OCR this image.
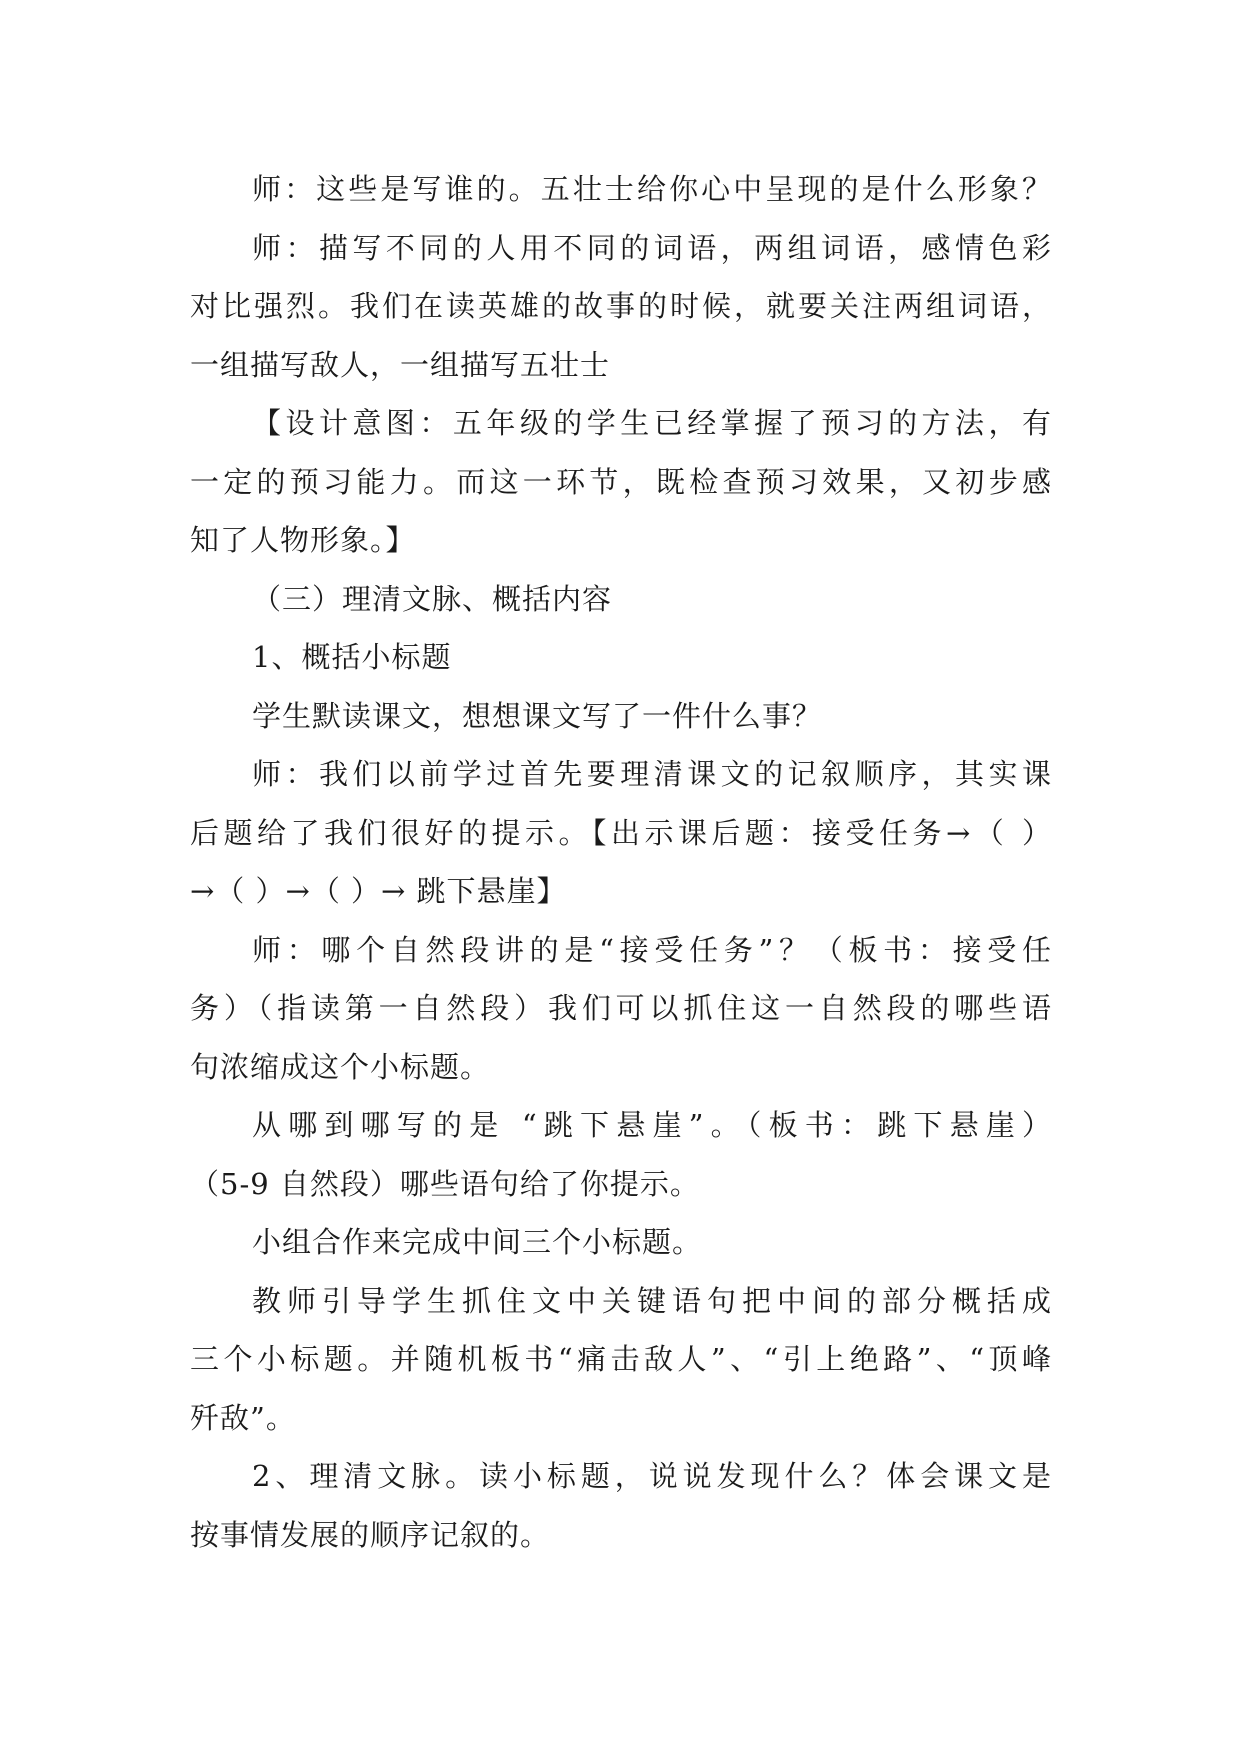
师：这些是写谁的。五壮士给你心中呈现的是什么形象？
师：描写不同的人用不同的词语，两组词语，感情色彩
对比强烈。我们在读英雄的故事的时候，就要关注两组词语，
一组描写敌人，一组描写五壮士
【设计意图：五年级的学生已经掌握了预习的方法，有
一定的预习能力。而这一环节，既检查预习效果，又初步感
知了人物形象。】
（三）理清文脉、概括内容
1、概括小标题
学生默读课文，想想课文写了一件什么事？
师：我们以前学过首先要理清课文的记叙顺序，其实课
后题给了我们很好的提示。【出示课后题：接受任务→（ ）
→（ ）→（ ）→ 跳下悬崖】
师：哪个自然段讲的是“接受任务”？（板书：接受任
务）（指读第一自然段）我们可以抓住这一自然段的哪些语
句浓缩成这个小标题。
从哪到哪写的是 “跳下悬崖”。（板书：跳下悬崖）
（5-9 自然段）哪些语句给了你提示。
小组合作来完成中间三个小标题。
教师引导学生抓住文中关键语句把中间的部分概括成
三个小标题。并随机板书“痛击敌人”、“引上绝路”、“顶峰
歼敌”。
2、理清文脉。读小标题，说说发现什么？体会课文是
按事情发展的顺序记叙的。
